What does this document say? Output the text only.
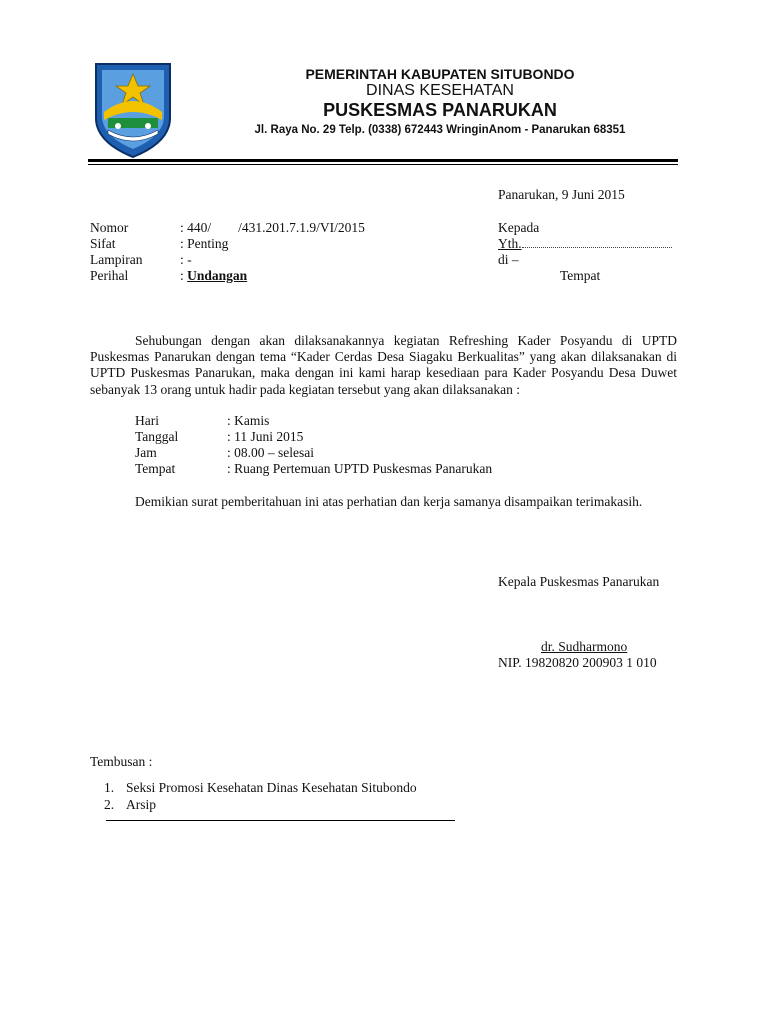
PEMERINTAH KABUPATEN SITUBONDO
DINAS KESEHATAN
PUSKESMAS PANARUKAN
Jl. Raya No. 29 Telp. (0338) 672443 WringinAnom - Panarukan 68351
Panarukan, 9 Juni 2015
Nomor	: 440/        /431.201.7.1.9/VI/2015
Sifat	: Penting
Lampiran	: -
Perihal	: Undangan
Kepada
Yth.
di –
Tempat

Sehubungan dengan akan dilaksanakannya kegiatan Refreshing Kader Posyandu di UPTD Puskesmas Panarukan dengan tema “Kader Cerdas Desa Siagaku Berkualitas” yang akan dilaksanakan di UPTD Puskesmas Panarukan, maka dengan ini kami harap kesediaan para Kader Posyandu Desa Duwet sebanyak 13 orang untuk hadir pada kegiatan tersebut yang akan dilaksanakan :

Hari	: Kamis
Tanggal	: 11 Juni 2015
Jam	: 08.00 – selesai
Tempat	: Ruang Pertemuan UPTD Puskesmas Panarukan

Demikian surat pemberitahuan ini atas perhatian dan kerja samanya disampaikan terimakasih.

Kepala Puskesmas Panarukan
dr. Sudharmono
NIP. 19820820 200903 1 010
Tembusan :
1. Seksi Promosi Kesehatan Dinas Kesehatan Situbondo
2. Arsip
